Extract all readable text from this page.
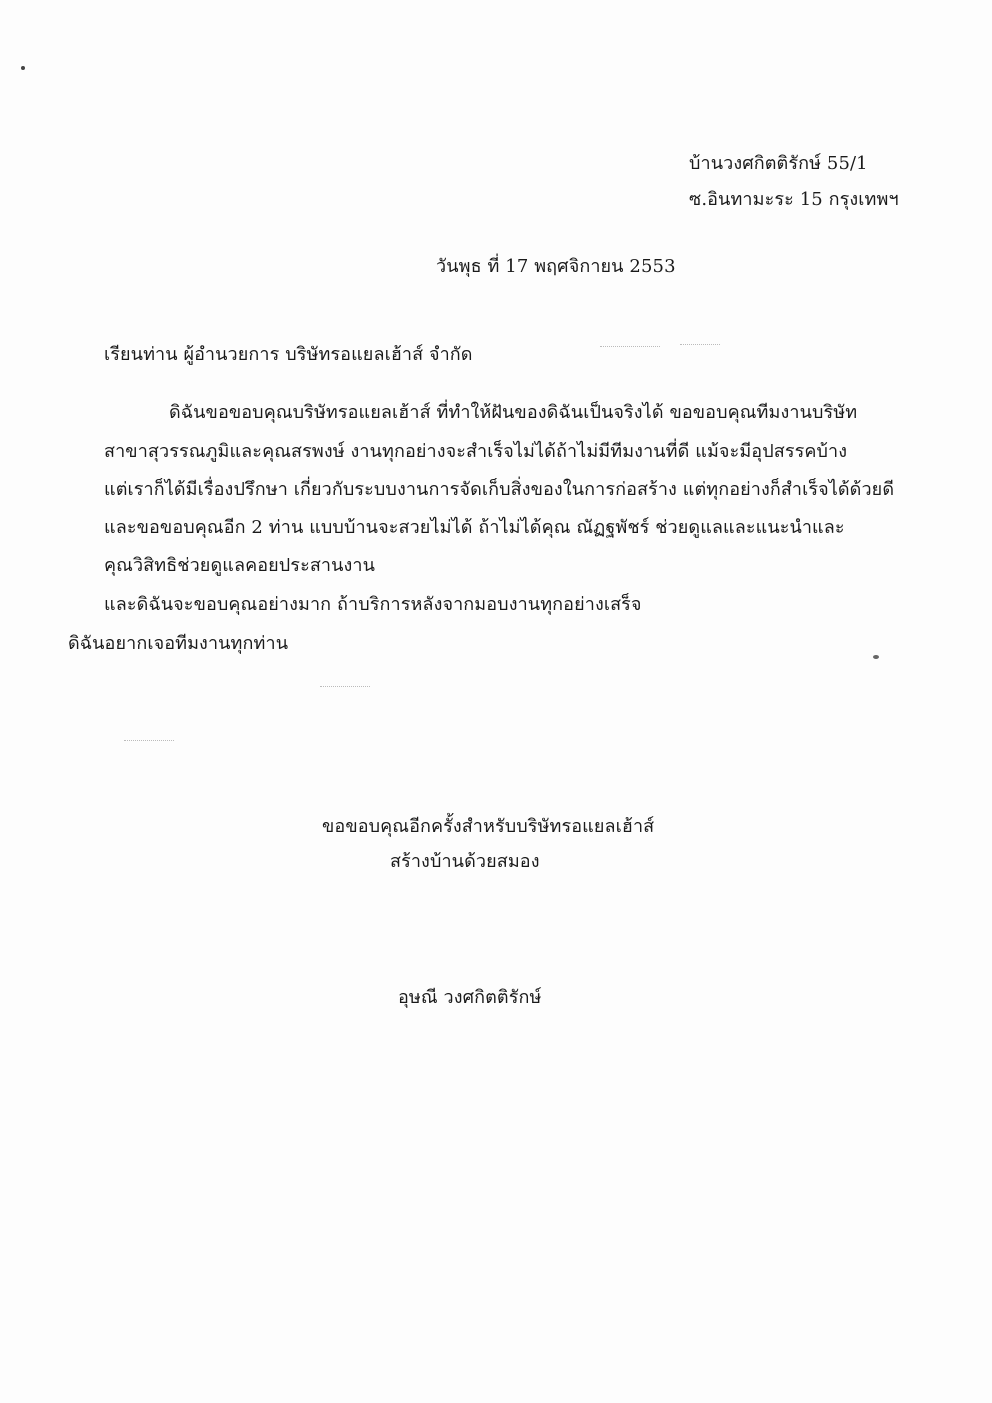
บ้านวงศกิตติรักษ์ 55/1
ซ.อินทามะระ 15 กรุงเทพฯ
วันพุธ ที่ 17 พฤศจิกายน 2553
เรียนท่าน ผู้อำนวยการ บริษัทรอแยลเฮ้าส์ จำกัด
ดิฉันขอขอบคุณบริษัทรอแยลเฮ้าส์ ที่ทำให้ฝันของดิฉันเป็นจริงได้ ขอขอบคุณทีมงานบริษัท
สาขาสุวรรณภูมิและคุณสรพงษ์ งานทุกอย่างจะสำเร็จไม่ได้ถ้าไม่มีทีมงานที่ดี แม้จะมีอุปสรรคบ้าง
แต่เราก็ได้มีเรื่องปรึกษา เกี่ยวกับระบบงานการจัดเก็บสิ่งของในการก่อสร้าง แต่ทุกอย่างก็สำเร็จได้ด้วยดี
และขอขอบคุณอีก 2 ท่าน แบบบ้านจะสวยไม่ได้ ถ้าไม่ได้คุณ ณัฏฐพัชร์ ช่วยดูแลและแนะนำและ
คุณวิสิทธิช่วยดูแลคอยประสานงาน
และดิฉันจะขอบคุณอย่างมาก ถ้าบริการหลังจากมอบงานทุกอย่างเสร็จ
ดิฉันอยากเจอทีมงานทุกท่าน
ขอขอบคุณอีกครั้งสำหรับบริษัทรอแยลเฮ้าส์
สร้างบ้านด้วยสมอง
อุษณี วงศกิตติรักษ์
